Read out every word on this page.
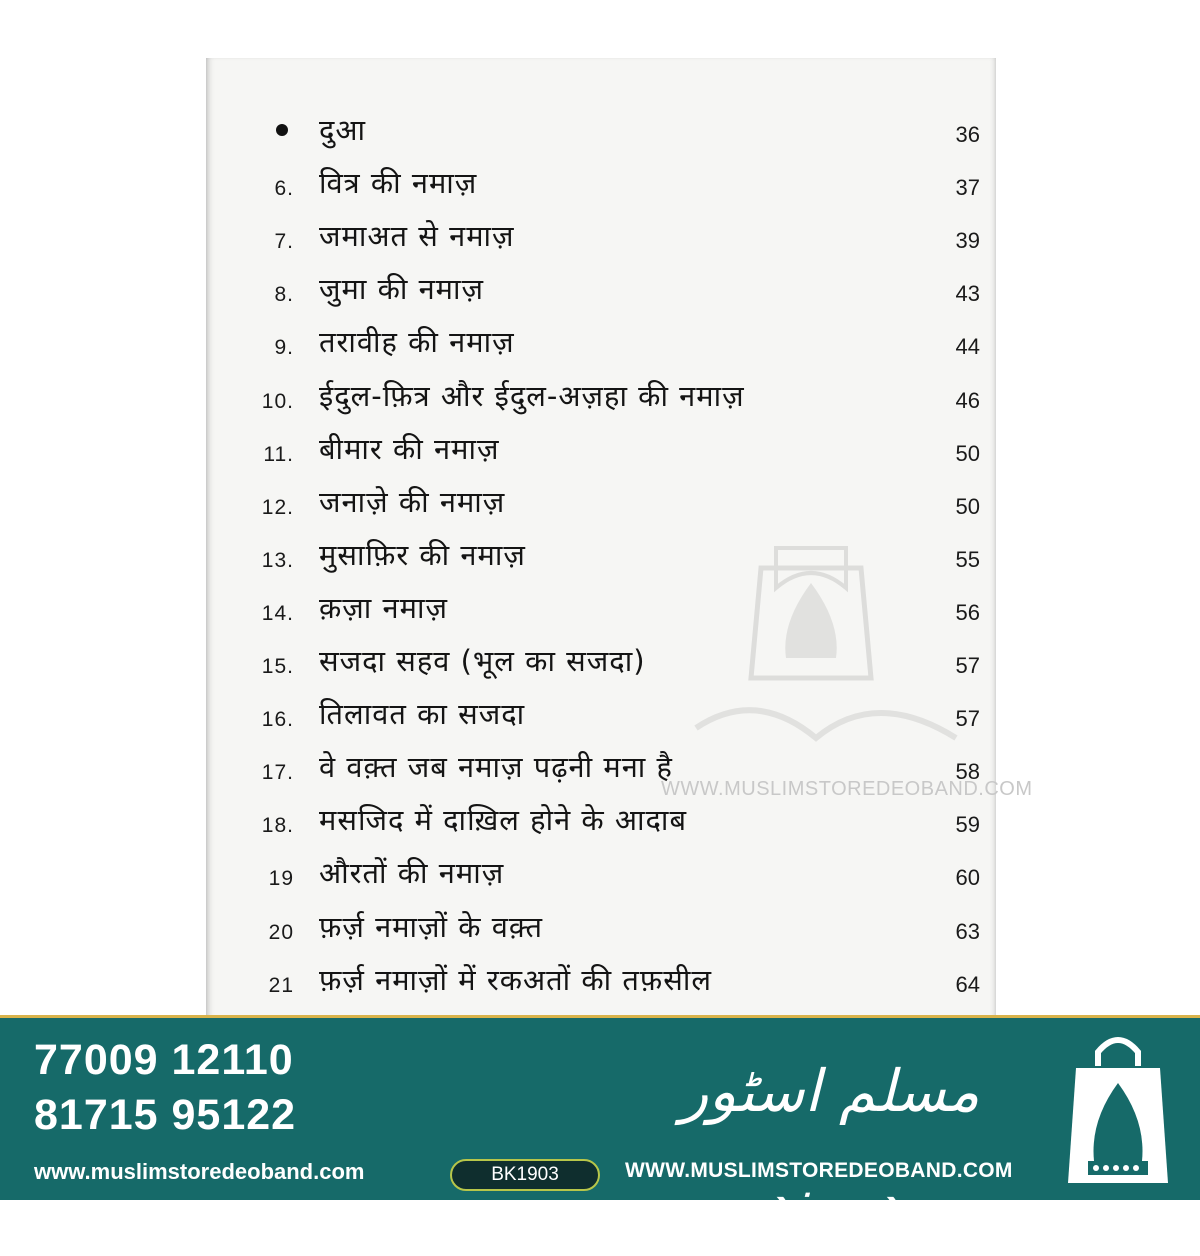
दुआ	36
6. वित्र की नमाज़	37
7. जमाअत से नमाज़	39
8. जुमा की नमाज़	43
9. तरावीह की नमाज़	44
10. ईदुल-फ़ित्र और ईदुल-अज़हा की नमाज़	46
11. बीमार की नमाज़	50
12. जनाज़े की नमाज़	50
13. मुसाफ़िर की नमाज़	55
14. क़ज़ा नमाज़	56
15. सजदा सहव (भूल का सजदा)	57
16. तिलावत का सजदा	57
17. वे वक़्त जब नमाज़ पढ़नी मना है	58
18. मसजिद में दाख़िल होने के आदाब	59
19 औरतों की नमाज़	60
20 फ़र्ज़ नमाज़ों के वक़्त	63
21 फ़र्ज़ नमाज़ों में रकअतों की तफ़सील	64
WWW.MUSLIMSTOREDEOBAND.COM
77009 12110
81715 95122
www.muslimstoredeoband.com	BK1903
مسلم اسٹور دیوبند
WWW.MUSLIMSTOREDEOBAND.COM
